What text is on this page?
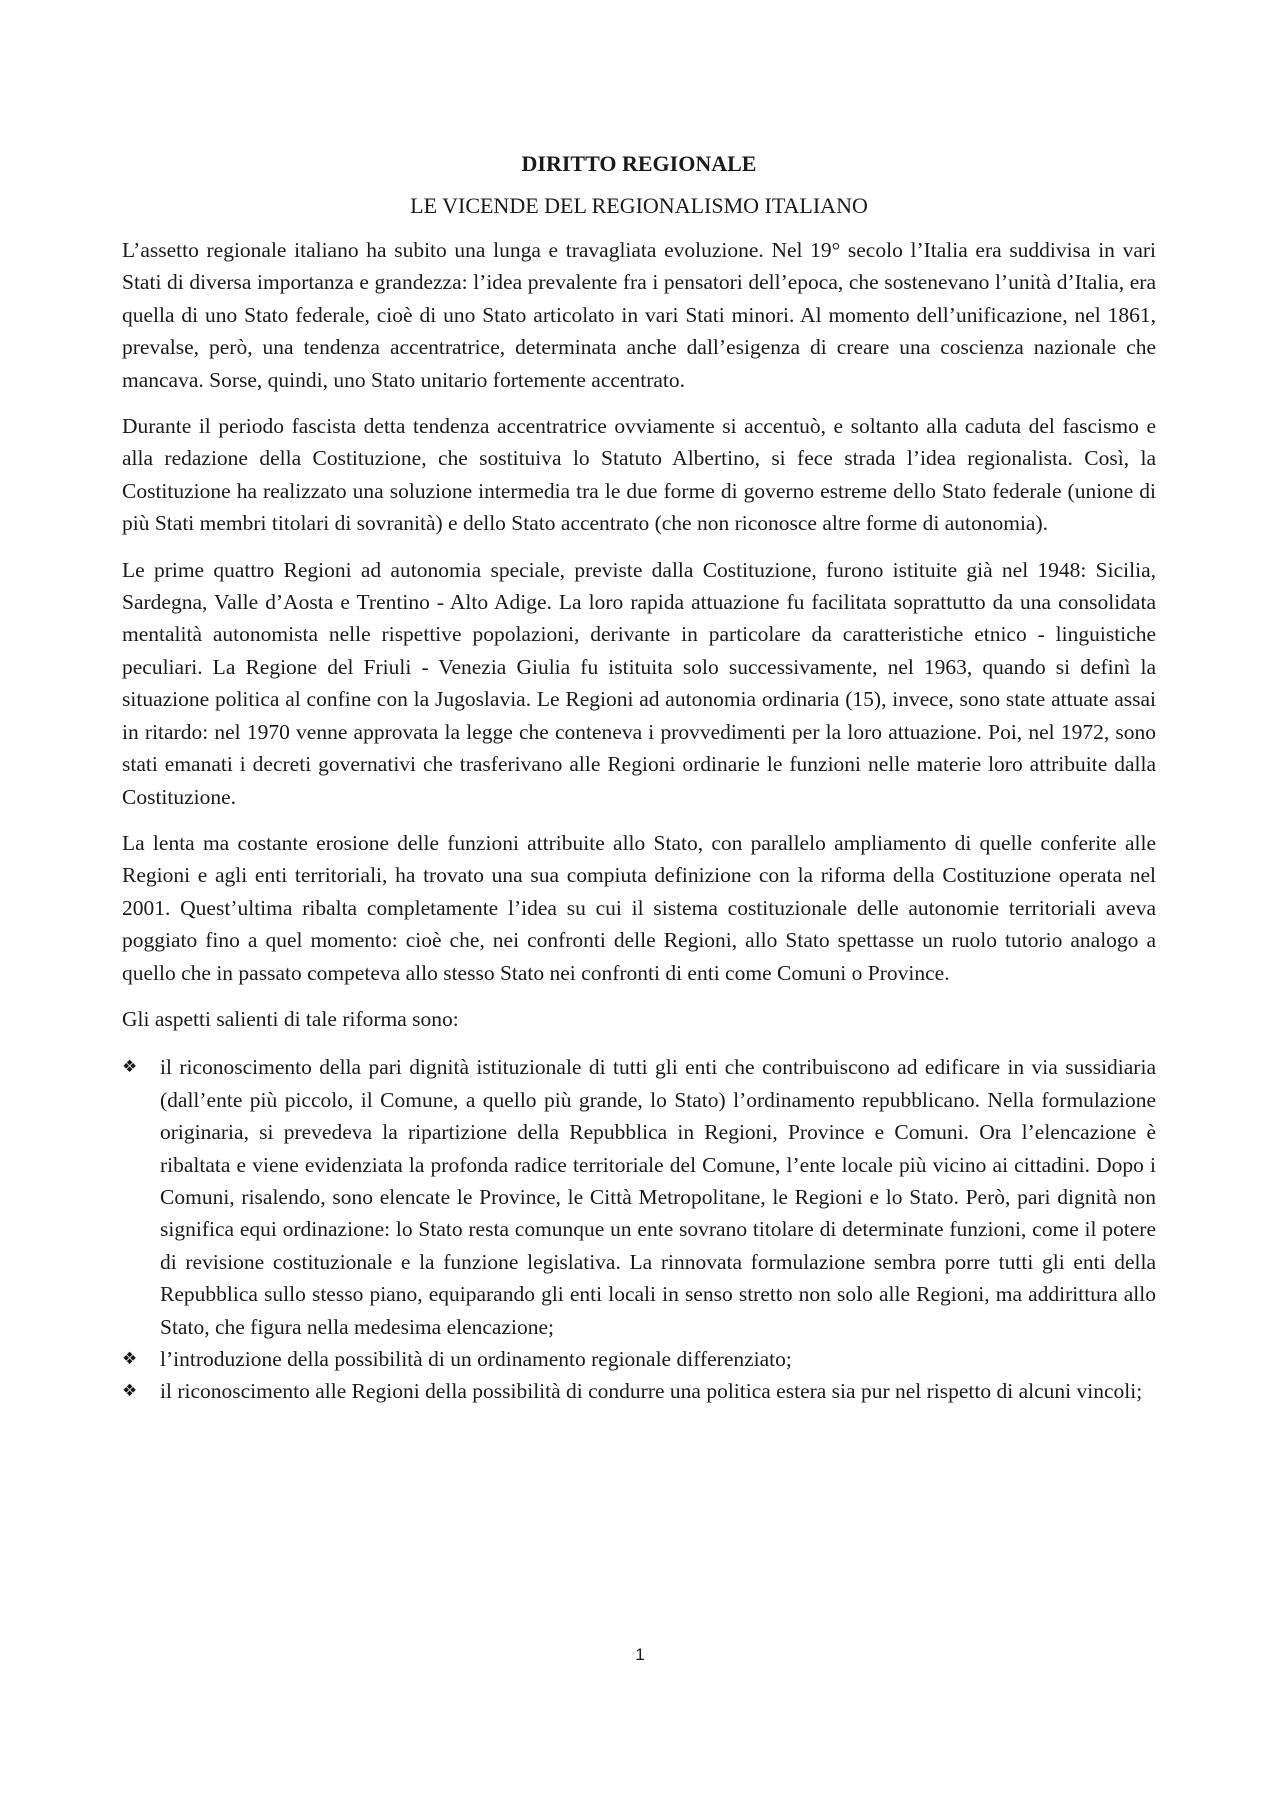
DIRITTO REGIONALE
LE VICENDE DEL REGIONALISMO ITALIANO

L’assetto regionale italiano ha subito una lunga e travagliata evoluzione. Nel 19° secolo l’Italia era suddivisa in vari Stati di diversa importanza e grandezza: l’idea prevalente fra i pensatori dell’epoca, che sostenevano l’unità d’Italia, era quella di uno Stato federale, cioè di uno Stato articolato in vari Stati minori. Al momento dell’unificazione, nel 1861, prevalse, però, una tendenza accentratrice, determinata anche dall’esigenza di creare una coscienza nazionale che mancava. Sorse, quindi, uno Stato unitario fortemente accentrato.

Durante il periodo fascista detta tendenza accentratrice ovviamente si accentuò, e soltanto alla caduta del fascismo e alla redazione della Costituzione, che sostituiva lo Statuto Albertino, si fece strada l’idea regionalista. Così, la Costituzione ha realizzato una soluzione intermedia tra le due forme di governo estreme dello Stato federale (unione di più Stati membri titolari di sovranità) e dello Stato accentrato (che non riconosce altre forme di autonomia).

Le prime quattro Regioni ad autonomia speciale, previste dalla Costituzione, furono istituite già nel 1948: Sicilia, Sardegna, Valle d’Aosta e Trentino - Alto Adige. La loro rapida attuazione fu facilitata soprattutto da una consolidata mentalità autonomista nelle rispettive popolazioni, derivante in particolare da caratteristiche etnico - linguistiche peculiari. La Regione del Friuli - Venezia Giulia fu istituita solo successivamente, nel 1963, quando si definì la situazione politica al confine con la Jugoslavia. Le Regioni ad autonomia ordinaria (15), invece, sono state attuate assai in ritardo: nel 1970 venne approvata la legge che conteneva i provvedimenti per la loro attuazione. Poi, nel 1972, sono stati emanati i decreti governativi che trasferivano alle Regioni ordinarie le funzioni nelle materie loro attribuite dalla Costituzione.

La lenta ma costante erosione delle funzioni attribuite allo Stato, con parallelo ampliamento di quelle conferite alle Regioni e agli enti territoriali, ha trovato una sua compiuta definizione con la riforma della Costituzione operata nel 2001. Quest’ultima ribalta completamente l’idea su cui il sistema costituzionale delle autonomie territoriali aveva poggiato fino a quel momento: cioè che, nei confronti delle Regioni, allo Stato spettasse un ruolo tutorio analogo a quello che in passato competeva allo stesso Stato nei confronti di enti come Comuni o Province.

Gli aspetti salienti di tale riforma sono:

❖	il riconoscimento della pari dignità istituzionale di tutti gli enti che contribuiscono ad edificare in via sussidiaria (dall’ente più piccolo, il Comune, a quello più grande, lo Stato) l’ordinamento repubblicano. Nella formulazione originaria, si prevedeva la ripartizione della Repubblica in Regioni, Province e Comuni. Ora l’elencazione è ribaltata e viene evidenziata la profonda radice territoriale del Comune, l’ente locale più vicino ai cittadini. Dopo i Comuni, risalendo, sono elencate le Province, le Città Metropolitane, le Regioni e lo Stato. Però, pari dignità non significa equi ordinazione: lo Stato resta comunque un ente sovrano titolare di determinate funzioni, come il potere di revisione costituzionale e la funzione legislativa. La rinnovata formulazione sembra porre tutti gli enti della Repubblica sullo stesso piano, equiparando gli enti locali in senso stretto non solo alle Regioni, ma addirittura allo Stato, che figura nella medesima elencazione;
❖	l’introduzione della possibilità di un ordinamento regionale differenziato;
❖	il riconoscimento alle Regioni della possibilità di condurre una politica estera sia pur nel rispetto di alcuni vincoli;
1
